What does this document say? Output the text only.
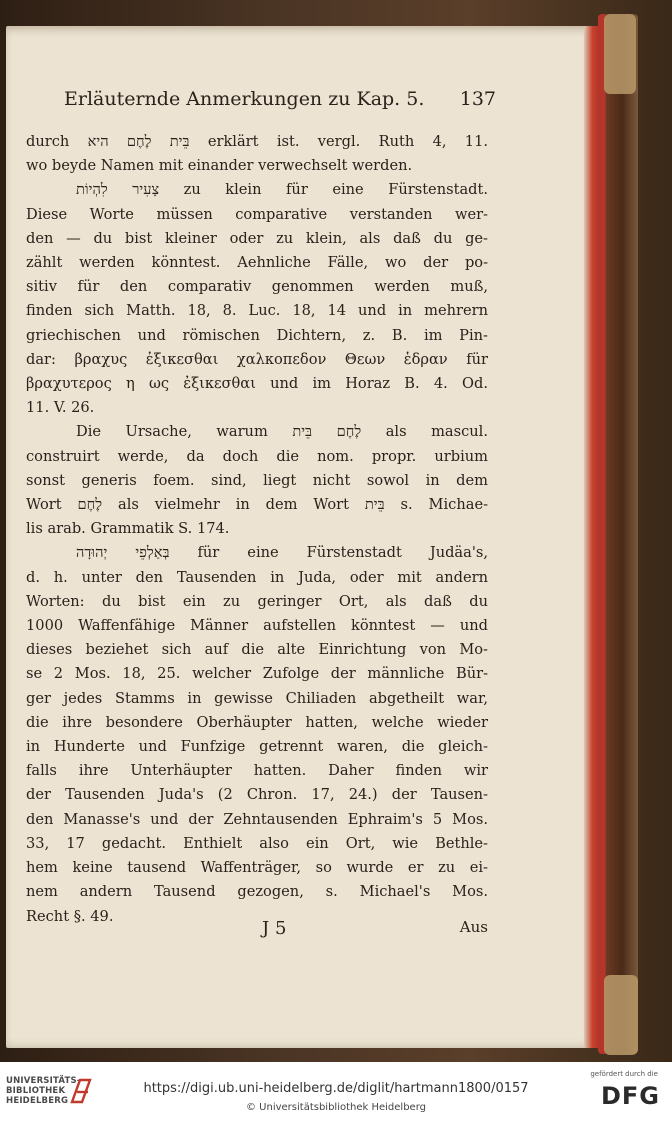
Erläuternde Anmerkungen zu Kap. 5. 137

durch בֵּית לֶחֶם היא erklärt ist. vergl. Ruth 4, 11.
wo beyde Namen mit einander verwechselt werden.

צָעִיר לִהְיוֹת zu klein für eine Fürstenstadt.
Diese Worte müssen comparative verstanden wer-
den — du bist kleiner oder zu klein, als daß du ge-
zählt werden könntest. Aehnliche Fälle, wo der po-
sitiv für den comparativ genommen werden muß,
finden sich Matth. 18, 8. Luc. 18, 14 und in mehrern
griechischen und römischen Dichtern, z. B. im Pin-
dar: βραχυς ἐξικεσθαι χαλκοπεδον Θεων ἑδραν für
βραχυτερος η ως ἐξικεσθαι und im Horaz B. 4. Od.
11. V. 26.

Die Ursache, warum לֶחֶם בֵּית als mascul.
construirt werde, da doch die nom. propr. urbium
sonst generis foem. sind, liegt nicht sowol in dem
Wort לֶחֶם als vielmehr in dem Wort בֵּית s. Michae-
lis arab. Grammatik S. 174.

בְּאַלְפֵי יְהוּדָה für eine Fürstenstadt Judäa's,
d. h. unter den Tausenden in Juda, oder mit andern
Worten: du bist ein zu geringer Ort, als daß du
1000 Waffenfähige Männer aufstellen könntest — und
dieses beziehet sich auf die alte Einrichtung von Mo-
se 2 Mos. 18, 25. welcher Zufolge der männliche Bür-
ger jedes Stamms in gewisse Chiliaden abgetheilt war,
die ihre besondere Oberhäupter hatten, welche wieder
in Hunderte und Funfzige getrennt waren, die gleich-
falls ihre Unterhäupter hatten. Daher finden wir
der Tausenden Juda's (2 Chron. 17, 24.) der Tausen-
den Manasse's und der Zehntausenden Ephraim's 5 Mos.
33, 17 gedacht. Enthielt also ein Ort, wie Bethle-
hem keine tausend Waffenträger, so wurde er zu ei-
nem andern Tausend gezogen, s. Michael's Mos.
Recht §. 49.

J 5	Aus
UNIVERSITÄTS-
BIBLIOTHEK
HEIDELBERG
https://digi.ub.uni-heidelberg.de/diglit/hartmann1800/0157
© Universitätsbibliothek Heidelberg
gefördert durch die
DFG
